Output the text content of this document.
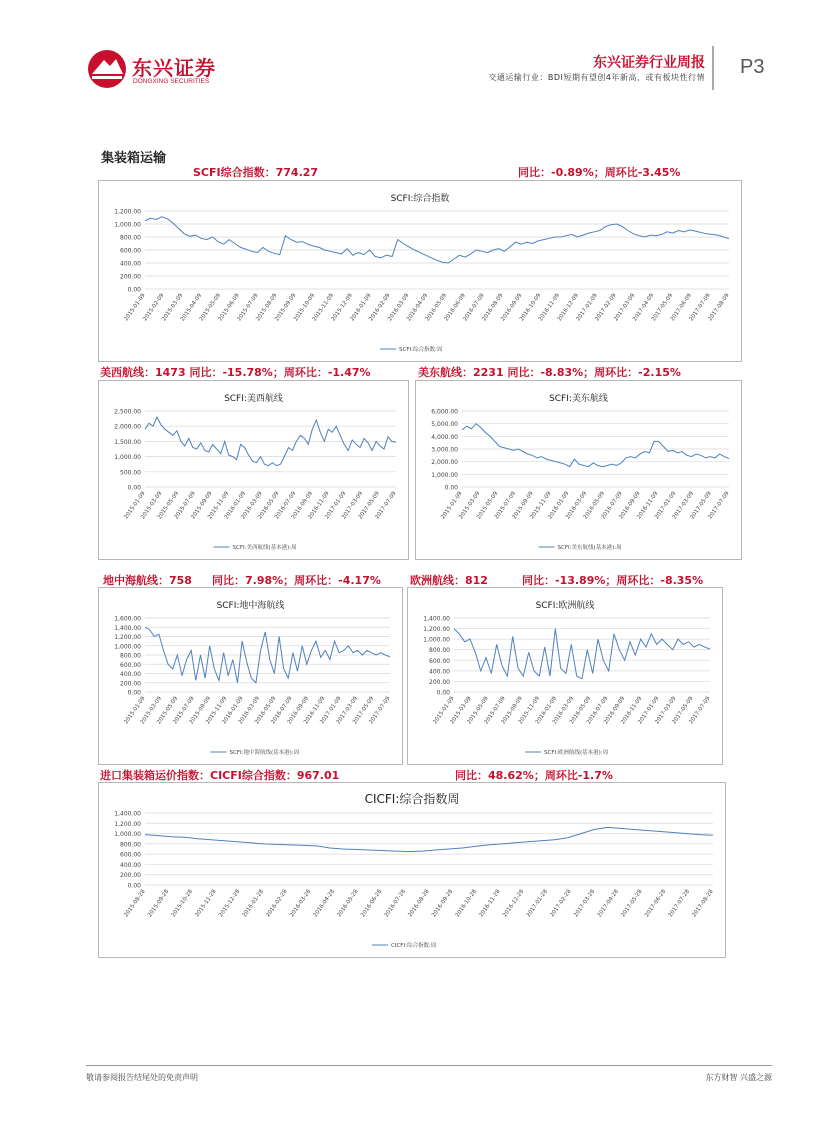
东兴证券
DONGXING SECURITIES
东兴证券行业周报
交通运输行业：BDI短期有望创4年新高，或有板块性行情 P3
集装箱运输
SCFI综合指数：774.27	同比：-0.89%；周环比-3.45%
美西航线：1473 同比：-15.78%；周环比：-1.47%	美东航线：2231 同比：-8.83%；周环比：-2.15%
地中海航线：758 同比：7.98%；周环比：-4.17%	欧洲航线：812	同比：-13.89%；周环比：-8.35%
进口集装箱运价指数：CICFI综合指数：967.01	同比：48.62%；周环比-1.7%
SCFI:综合指数
0.00
200.00
400.00
600.00
800.00
1,000.00
1,200.00
2015-01-09
2015-02-09
2015-03-09
2015-04-09
2015-05-09
2015-06-09
2015-07-09
2015-08-09
2015-09-09
2015-10-09
2015-11-09
2015-12-09
2016-01-09
2016-02-09
2016-03-09
2016-04-09
2016-05-09
2016-06-09
2016-07-09
2016-08-09
2016-09-09
2016-10-09
2016-11-09
2016-12-09
2017-01-09
2017-02-09
2017-03-09
2017-04-09
2017-05-09
2017-06-09
2017-07-09
2017-08-09
SCFI:综合指数:周
SCFI:美西航线
0.00
500.00
1,000.00
1,500.00
2,000.00
2,500.00
2015-01-09
2015-03-09
2015-05-09
2015-07-09
2015-09-09
2015-11-09
2016-01-09
2016-03-09
2016-05-09
2016-07-09
2016-09-09
2016-11-09
2017-01-09
2017-03-09
2017-05-09
2017-07-09
SCFI:美西航线(基本港):周
SCFI:美东航线
0.00
1,000.00
2,000.00
3,000.00
4,000.00
5,000.00
6,000.00
2015-01-09
2015-03-09
2015-05-09
2015-07-09
2015-09-09
2015-11-09
2016-01-09
2016-03-09
2016-05-09
2016-07-09
2016-09-09
2016-11-09
2017-01-09
2017-03-09
2017-05-09
2017-07-09
SCFI:美东航线(基本港):周
SCFI:地中海航线
0.00
200.00
400.00
600.00
800.00
1,000.00
1,200.00
1,400.00
1,600.00
2015-01-09
2015-03-09
2015-05-09
2015-07-09
2015-09-09
2015-11-09
2016-01-09
2016-03-09
2016-05-09
2016-07-09
2016-09-09
2016-11-09
2017-01-09
2017-03-09
2017-05-09
2017-07-09
SCFI:地中海航线(基本港):周
SCFI:欧洲航线
0.00
200.00
400.00
600.00
800.00
1,000.00
1,200.00
1,400.00
2015-01-09
2015-03-09
2015-05-09
2015-07-09
2015-09-09
2015-11-09
2016-01-09
2016-03-09
2016-05-09
2016-07-09
2016-09-09
2016-11-09
2017-01-09
2017-03-09
2017-05-09
2017-07-09
SCFI:欧洲航线(基本港):周
CICFI:综合指数周
0.00
200.00
400.00
600.00
800.00
1,000.00
1,200.00
1,400.00
2015-08-28 2015-09-28 2015-10-28 2015-11-28 2015-12-28 2016-01-28 2016-02-28 2016-03-28 2016-04-28 2016-05-28 2016-06-28 2016-07-28 2016-08-28 2016-09-28 2016-10-28 2016-11-28 2016-12-28 2017-01-28 2017-02-28 2017-03-28 2017-04-28 2017-05-28 2017-06-28 2017-07-28 2017-08-28
CICFI:综合指数:周
敬请参阅报告结尾处的免责声明	东方财智 兴盛之源
